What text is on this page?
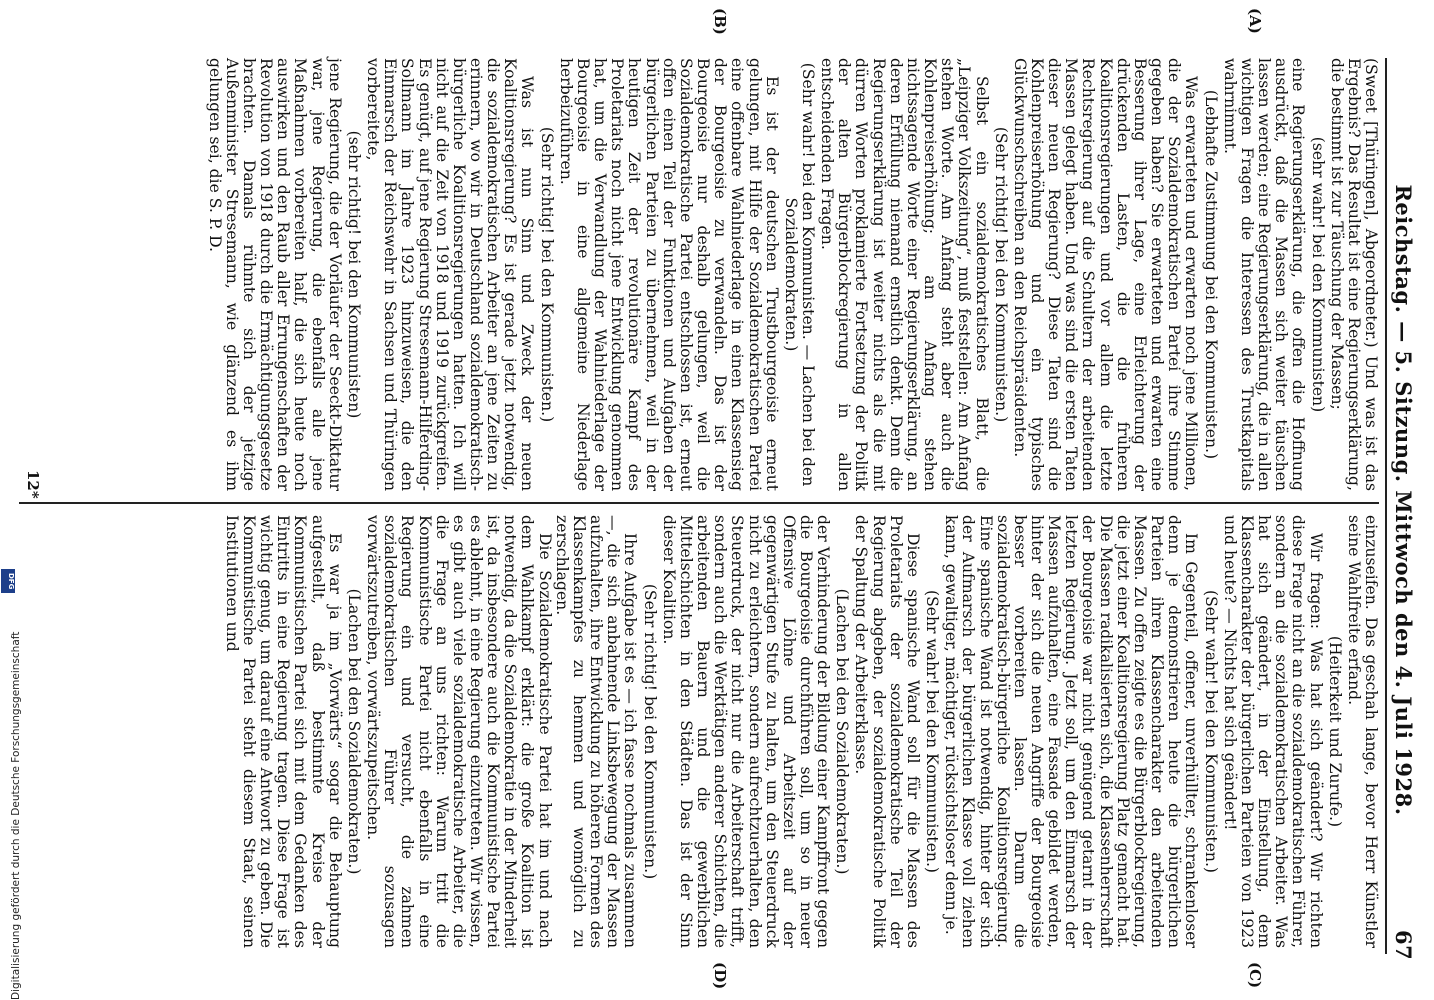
Reichstag. — 5. Sitzung. Mittwoch den 4. Juli 1928.
67
(A)
(B)
(C)
(D)

(Sweet [Thüringen], Abgeordneter.) Und was ist das Ergebnis? Das Resultat ist eine Regierungserklärung, die bestimmt ist zur Täuschung der Massen;

(sehr wahr! bei den Kommunisten)

eine Regierungserklärung, die offen die Hoffnung ausdrückt, daß die Massen sich weiter täuschen lassen werden; eine Regierungserklärung, die in allen wichtigen Fragen die Interessen des Trustkapitals wahrnimmt.

(Lebhafte Zustimmung bei den Kommunisten.)

Was erwarteten und erwarten noch jene Millionen, die der Sozialdemokratischen Partei ihre Stimme gegeben haben? Sie erwarteten und erwarten eine Besserung ihrer Lage, eine Erleichterung der drückenden Lasten, die die früheren Koalitionsregierungen und vor allem die letzte Rechtsregierung auf die Schultern der arbeitenden Massen gelegt haben. Und was sind die ersten Taten dieser neuen Regierung? Diese Taten sind die Kohlenpreiserhöhung und ein typisches Glückwunschschreiben an den Reichspräsidenten.

(Sehr richtig! bei den Kommunisten.)

Selbst ein sozialdemokratisches Blatt, die „Leipziger Volkszeitung“, muß feststellen: Am Anfang stehen Worte. Am Anfang steht aber auch die Kohlenpreiserhöhung; am Anfang stehen nichtssagende Worte einer Regierungserklärung, an deren Erfüllung niemand ernstlich denkt. Denn die Regierungserklärung ist weiter nichts als die mit dürren Worten proklamierte Fortsetzung der Politik der alten Bürgerblockregierung in allen entscheidenden Fragen.

(Sehr wahr! bei den Kommunisten. — Lachen bei den Sozialdemokraten.)

Es ist der deutschen Trustbourgeoisie erneut gelungen, mit Hilfe der Sozialdemokratischen Partei eine offenbare Wahlniederlage in einen Klassensieg der Bourgeoisie zu verwandeln. Das ist der Bourgeoisie nur deshalb gelungen, weil die Sozialdemokratische Partei entschlossen ist, erneut offen einen Teil der Funktionen und Aufgaben der bürgerlichen Parteien zu übernehmen, weil in der heutigen Zeit der revolutionäre Kampf des Proletariats noch nicht jene Entwicklung genommen hat, um die Verwandlung der Wahlniederlage der Bourgeoisie in eine allgemeine Niederlage herbeizuführen.

(Sehr richtig! bei den Kommunisten.)

Was ist nun Sinn und Zweck der neuen Koalitionsregierung? Es ist gerade jetzt notwendig, die sozialdemokratischen Arbeiter an jene Zeiten zu erinnern, wo wir in Deutschland sozialdemokratisch-bürgerliche Koalitionsregierungen hatten. Ich will nicht auf die Zeit von 1918 und 1919 zurückgreifen. Es genügt, auf jene Regierung Stresemann-Hilferding-Sollmann im Jahre 1923 hinzuweisen, die den Einmarsch der Reichswehr in Sachsen und Thüringen vorbereitete,

(sehr richtig! bei den Kommunisten)

jene Regierung, die der Vorläufer der Seeckt-Diktatur war, jene Regierung, die ebenfalls alle jene Maßnahmen vorbereiten half, die sich heute noch auswirken und den Raub aller Errungenschaften der Revolution von 1918 durch die Ermächtigungsgesetze brachten. Damals rühmte sich der jetzige Außenminister Stresemann, wie glänzend es ihm gelungen sei, die S. P. D.

einzuseifen. Das geschah lange, bevor Herr Künstler seine Wahlfreite erfand.

(Heiterkeit und Zurufe.)

Wir fragen: Was hat sich geändert? Wir richten diese Frage nicht an die sozialdemokratischen Führer, sondern an die sozialdemokratischen Arbeiter. Was hat sich geändert, in der Einstellung, dem Klassencharakter der bürgerlichen Parteien von 1923 und heute? — Nichts hat sich geändert!

(Sehr wahr! bei den Kommunisten.)

Im Gegenteil, offener, unverhüllter, schrankenloser denn je demonstrieren heute die bürgerlichen Parteien ihren Klassencharakter den arbeitenden Massen. Zu offen zeigte es die Bürgerblockregierung, die jetzt einer Koalitionsregierung Platz gemacht hat. Die Massen radikalisierten sich, die Klassenherrschaft der Bourgeoisie war nicht genügend getarnt in der letzten Regierung. Jetzt soll, um den Einmarsch der Massen aufzuhalten, eine Fassade gebildet werden, hinter der sich die neuen Angriffe der Bourgeoisie besser vorbereiten lassen. Darum die sozialdemokratisch-bürgerliche Koalitionsregierung. Eine spanische Wand ist notwendig, hinter der sich der Aufmarsch der bürgerlichen Klasse voll ziehen kann, gewaltiger, mächtiger, rücksichtsloser denn je.

(Sehr wahr! bei den Kommunisten.)

Diese spanische Wand soll für die Massen des Proletariats der sozialdemokratische Teil der Regierung abgeben, der sozialdemokratische Politik der Spaltung der Arbeiterklasse.

(Lachen bei den Sozialdemokraten.)

der Verhinderung der Bildung einer Kampffront gegen die Bourgeoisie durchführen soll, um so in neuer Offensive Löhne und Arbeitszeit auf der gegenwärtigen Stufe zu halten, um den Steuerdruck nicht zu erleichtern, sondern aufrechtzuerhalten, den Steuerdruck, der nicht nur die Arbeiterschaft trifft, sondern auch die Werktätigen anderer Schichten, die arbeitenden Bauern und die gewerblichen Mittelschichten in den Städten. Das ist der Sinn dieser Koalition.

(Sehr richtig! bei den Kommunisten.)

Ihre Aufgabe ist es — ich fasse nochmals zusammen —, die sich anbahnende Linksbewegung der Massen aufzuhalten, ihre Entwicklung zu höheren Formen des Klassenkampfes zu hemmen und womöglich zu zerschlagen.

Die Sozialdemokratische Partei hat im und nach dem Wahlkampf erklärt: die große Koalition ist notwendig, da die Sozialdemokratie in der Minderheit ist, da insbesondere auch die Kommunistische Partei es ablehnt, in eine Regierung einzutreten. Wir wissen, es gibt auch viele sozialdemokratische Arbeiter, die die Frage an uns richten: Warum tritt die Kommunistische Partei nicht ebenfalls in eine Regierung ein und versucht, die zahmen sozialdemokratischen Führer sozusagen vorwärtszutreiben, vorwärtszupeitschen.

(Lachen bei den Sozialdemokraten.)

Es war ja im „Vorwärts“ sogar die Behauptung aufgestellt, daß bestimmte Kreise der Kommunistischen Partei sich mit dem Gedanken des Eintritts in eine Regierung tragen. Diese Frage ist wichtig genug, um darauf eine Antwort zu geben. Die Kommunistische Partei steht diesem Staat, seinen Institutionen und

12*
DFG
Digitalisierung gefördert durch die Deutsche Forschungsgemeinschaft
